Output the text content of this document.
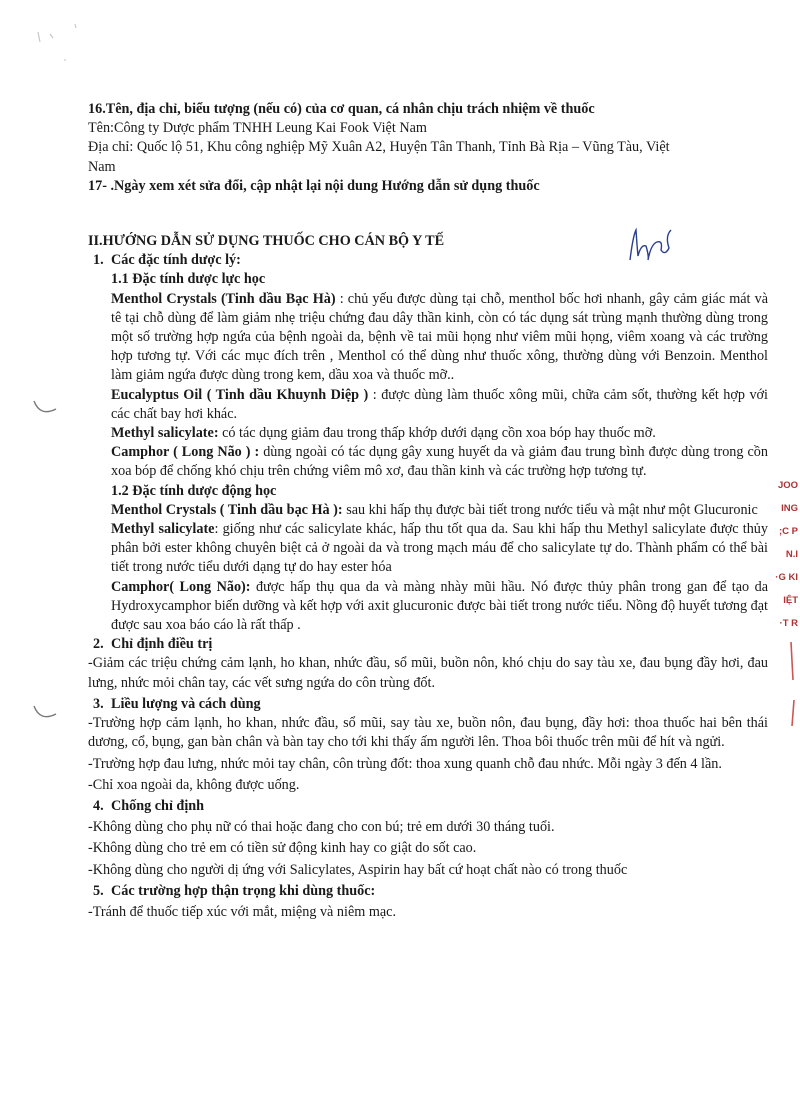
JOO
ING
;C P
N.I
·G KI
IỆT
·T R

16.Tên, địa chỉ, biểu tượng (nếu có) của cơ quan, cá nhân chịu trách nhiệm về thuốc

Tên:Công ty Dược phẩm TNHH Leung Kai Fook Việt Nam

Địa chỉ: Quốc lộ 51, Khu công nghiệp Mỹ Xuân A2, Huyện Tân Thanh, Tỉnh Bà Rịa – Vũng Tàu, Việt

Nam

17- .Ngày xem xét sửa đổi, cập nhật lại nội dung Hướng dẫn sử dụng thuốc

II.HƯỚNG DẪN SỬ DỤNG THUỐC CHO CÁN BỘ Y TẾ

1. Các đặc tính dược lý:

1.1 Đặc tính dược lực học

Menthol Crystals (Tinh dầu Bạc Hà) : chủ yếu được dùng tại chỗ, menthol bốc hơi nhanh, gây cảm giác mát và tê tại chỗ dùng để làm giảm nhẹ triệu chứng đau dây thần kinh, còn có tác dụng sát trùng mạnh thường dùng trong một số trường hợp ngứa của bệnh ngoài da, bệnh về tai mũi họng như viêm mũi họng, viêm xoang và các trường hợp tương tự. Với các mục đích trên , Menthol có thể dùng như thuốc xông, thường dùng với Benzoin. Menthol làm giảm ngứa được dùng trong kem, dầu xoa và thuốc mỡ..

Eucalyptus Oil ( Tinh dầu Khuynh Diệp ) : được dùng làm thuốc xông mũi, chữa cảm sốt, thường kết hợp với các chất bay hơi khác.

Methyl salicylate: có tác dụng giảm đau trong thấp khớp dưới dạng cồn xoa bóp hay thuốc mỡ.

Camphor ( Long Não ) : dùng ngoài có tác dụng gây xung huyết da và giảm đau trung bình được dùng trong cồn xoa bóp để chống khó chịu trên chứng viêm mô xơ, đau thần kinh và các trường hợp tương tự.

1.2 Đặc tính dược động học

Menthol Crystals ( Tinh dầu bạc Hà ): sau khi hấp thụ được bài tiết trong nước tiểu và mật như một Glucuronic

Methyl salicylate: giống như các salicylate khác, hấp thu tốt qua da. Sau khi hấp thu Methyl salicylate được thủy phân bởi ester không chuyên biệt cả ở ngoài da và trong mạch máu để cho salicylate tự do. Thành phẩm có thể bài tiết trong nước tiểu dưới dạng tự do hay ester hóa

Camphor( Long Não): được hấp thụ qua da và màng nhày mũi hầu. Nó được thủy phân trong gan để tạo da Hydroxycamphor biến dưỡng và kết hợp với axit glucuronic được bài tiết trong nước tiểu. Nồng độ huyết tương đạt được sau xoa báo cáo là rất thấp .

2. Chỉ định điều trị

-Giảm các triệu chứng cảm lạnh, ho khan, nhức đầu, sổ mũi, buồn nôn, khó chịu do say tàu xe, đau bụng đầy hơi, đau lưng, nhức mỏi chân tay, các vết sưng ngứa do côn trùng đốt.

3. Liều lượng và cách dùng

-Trường hợp cảm lạnh, ho khan, nhức đầu, sổ mũi, say tàu xe, buồn nôn, đau bụng, đầy hơi: thoa thuốc hai bên thái dương, cổ, bụng, gan bàn chân và bàn tay cho tới khi thấy ấm người lên. Thoa bôi thuốc trên mũi để hít và ngửi.

-Trường hợp đau lưng, nhức mỏi tay chân, côn trùng đốt: thoa xung quanh chỗ đau nhức. Mỗi ngày 3 đến 4 lần.

-Chỉ xoa ngoài da, không được uống.

4. Chống chỉ định

-Không dùng cho phụ nữ có thai hoặc đang cho con bú; trẻ em dưới 30 tháng tuổi.

-Không dùng cho trẻ em có tiền sử động kinh hay co giật do sốt cao.

-Không dùng cho người dị ứng với Salicylates, Aspirin hay bất cứ hoạt chất nào có trong thuốc

5. Các trường hợp thận trọng khi dùng thuốc:

-Tránh để thuốc tiếp xúc với mắt, miệng và niêm mạc.
